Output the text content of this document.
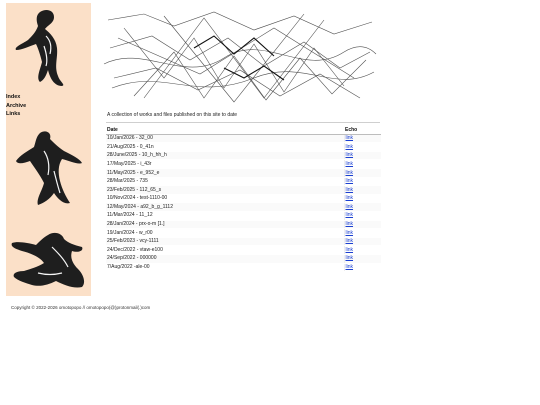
Index
Archive
Links	A collection of works and files published on this site to date

Date	Echo
10/Jan/2026 - 32_00	link
21/Aug/2025 - 0_41n	link
28/June/2025 - 10_h_hh_h	link
17/May/2025 - i_43r	link
11/May/2025 - e_952_e	link
28/Mar/2025 - 735	link
23/Feb/2025 - 112_65_s	link
10/Nov/2024 - test-1110-00	link
12/May/2024 - a92_b_g_1112	link
11/Mar/2024 - 11_12	link
28/Jan/2024 - prx-o-m [1.]	link
19/Jan/2024 - w_r00	link
25/Feb/2023 - vcy-1111	link
24/Dec/2022 - vtaw-e100	link
24/Sep/2022 - 000000	link
7/Aug/2022 -ale-00	link

Copyright © 2022-2026 omotopopo // omotopopo(@)protonmail(.)com
